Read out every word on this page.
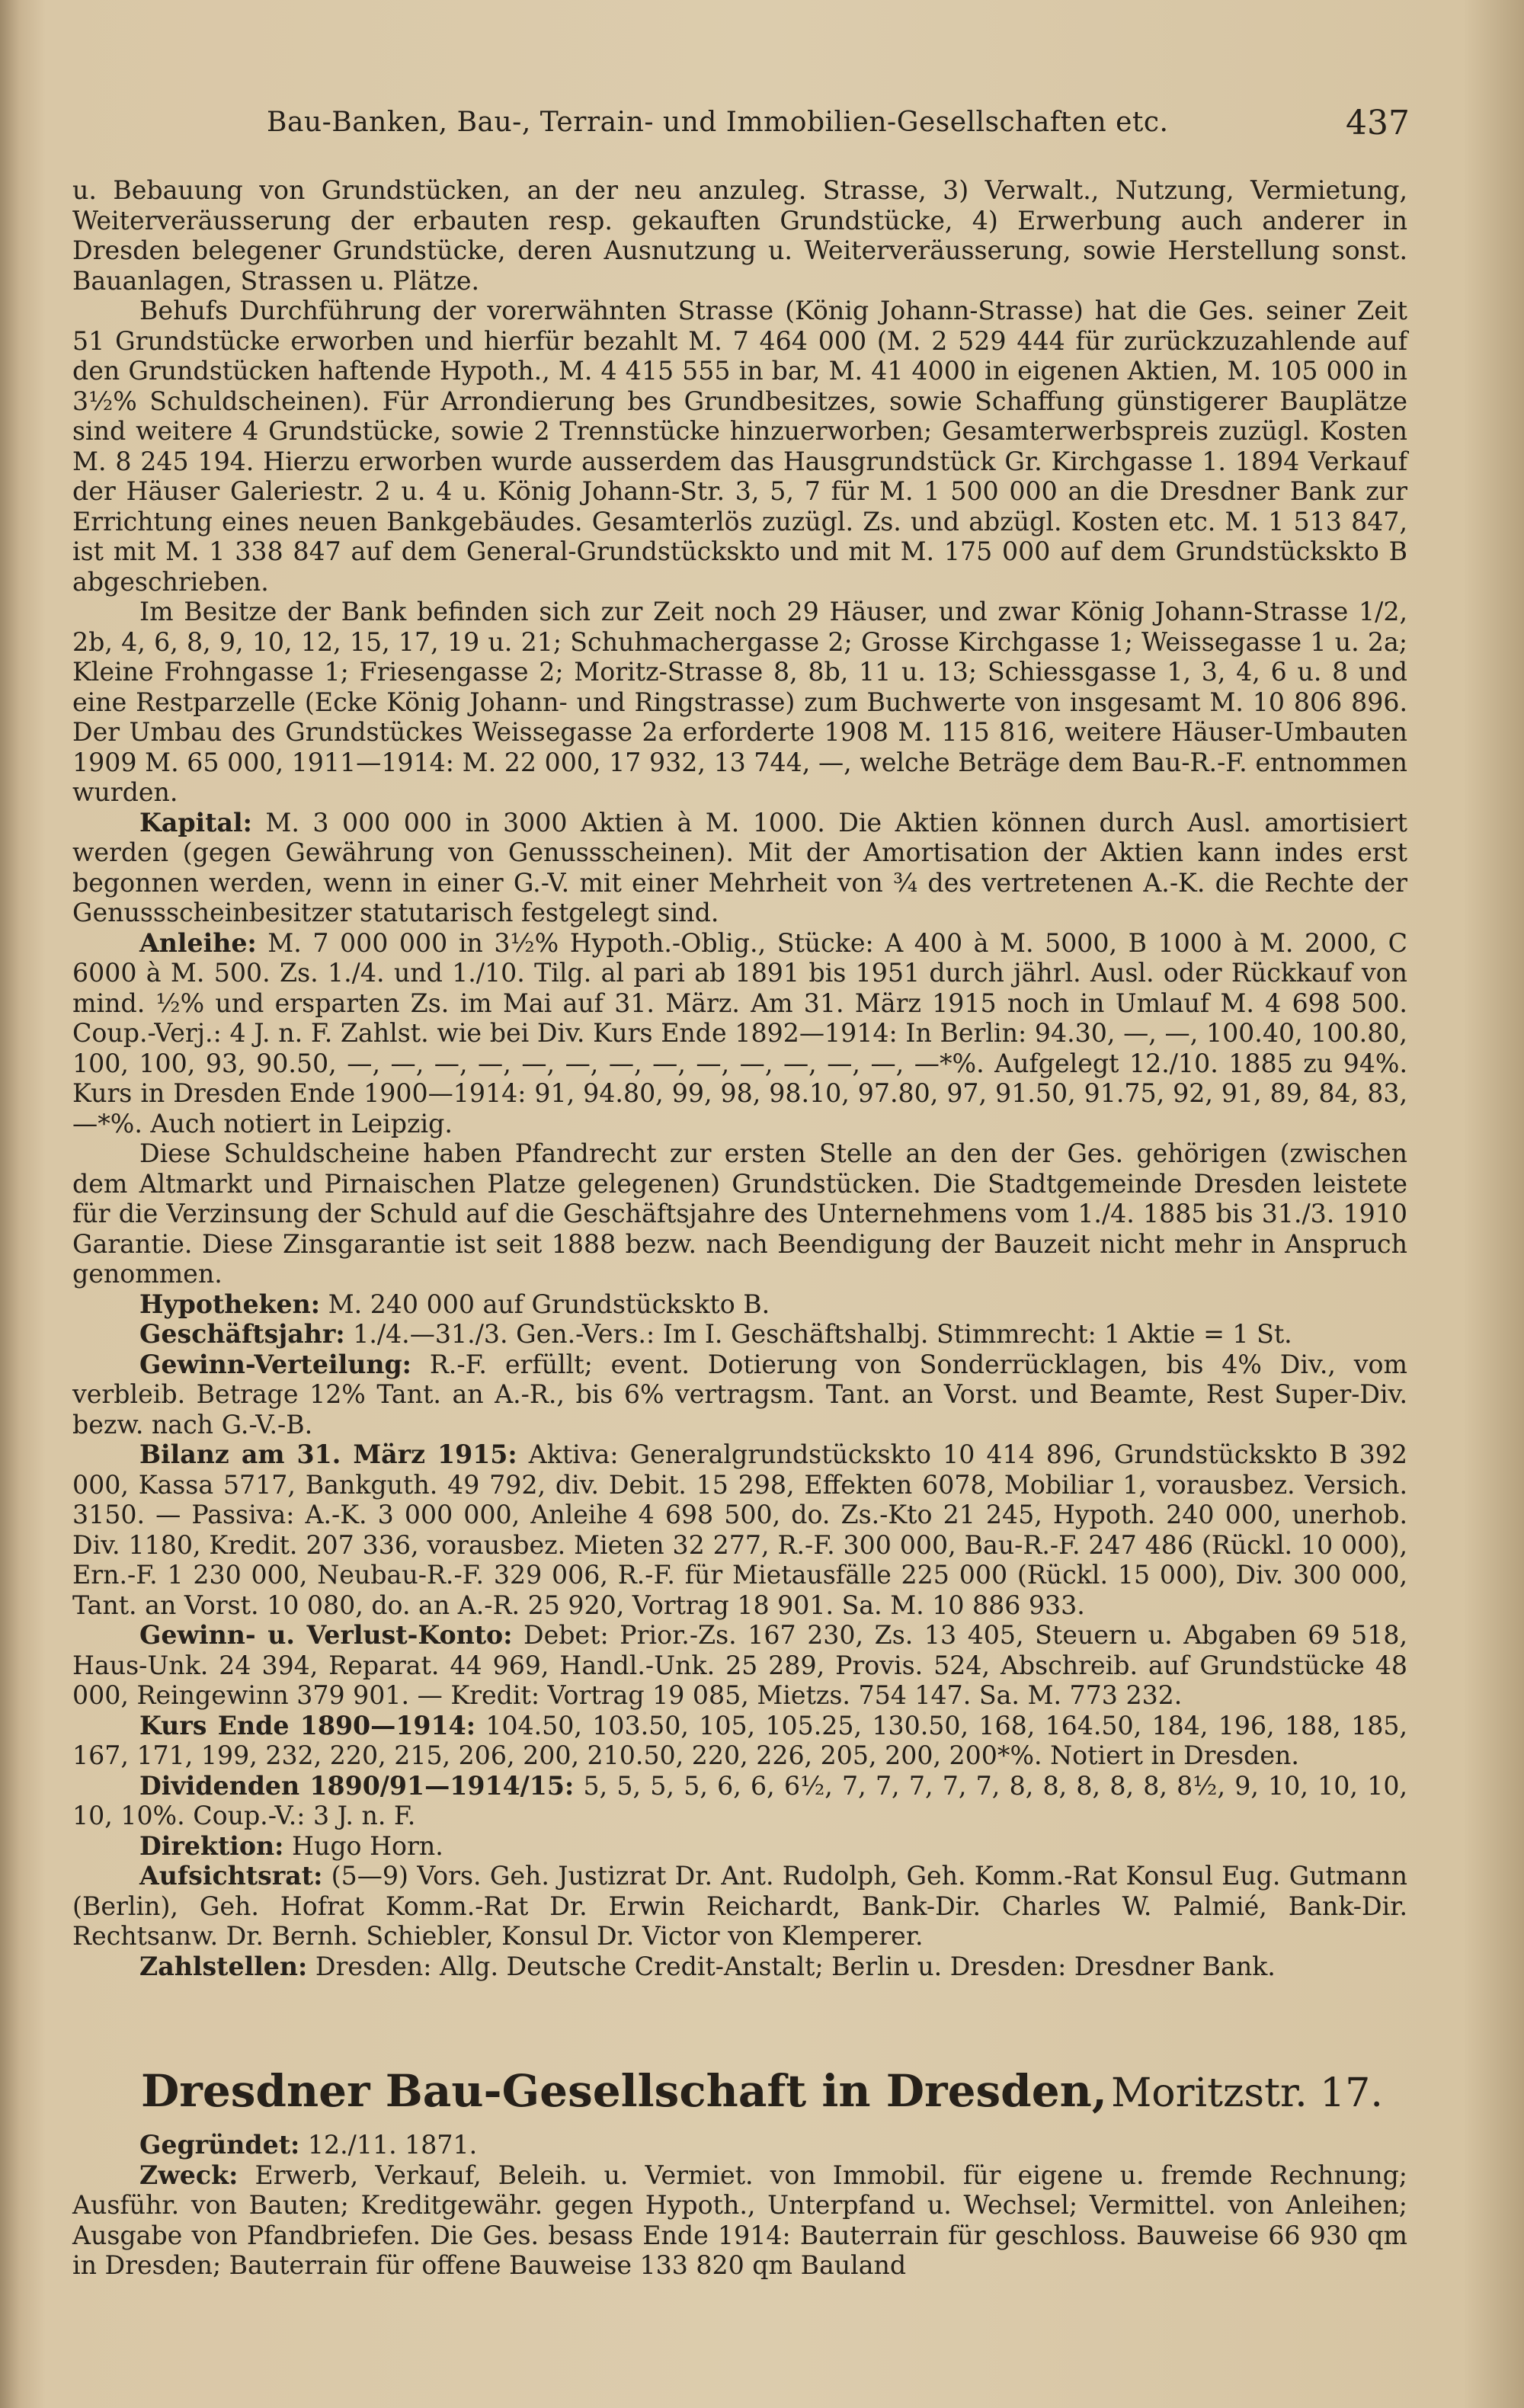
Bau-Banken, Bau-, Terrain- und Immobilien-Gesellschaften etc.	437

u. Bebauung von Grundstücken, an der neu anzuleg. Strasse, 3) Verwalt., Nutzung, Vermietung, Weiterveräusserung der erbauten resp. gekauften Grundstücke, 4) Erwerbung auch anderer in Dresden belegener Grundstücke, deren Ausnutzung u. Weiterveräusserung, sowie Herstellung sonst. Bauanlagen, Strassen u. Plätze.

Behufs Durchführung der vorerwähnten Strasse (König Johann-Strasse) hat die Ges. seiner Zeit 51 Grundstücke erworben und hierfür bezahlt M. 7 464 000 (M. 2 529 444 für zurückzuzahlende auf den Grundstücken haftende Hypoth., M. 4 415 555 in bar, M. 41 4000 in eigenen Aktien, M. 105 000 in 3½% Schuldscheinen). Für Arrondierung bes Grundbesitzes, sowie Schaffung günstigerer Bauplätze sind weitere 4 Grundstücke, sowie 2 Trennstücke hinzuerworben; Gesamterwerbspreis zuzügl. Kosten M. 8 245 194. Hierzu erworben wurde ausserdem das Hausgrundstück Gr. Kirchgasse 1. 1894 Verkauf der Häuser Galeriestr. 2 u. 4 u. König Johann-Str. 3, 5, 7 für M. 1 500 000 an die Dresdner Bank zur Errichtung eines neuen Bankgebäudes. Gesamterlös zuzügl. Zs. und abzügl. Kosten etc. M. 1 513 847, ist mit M. 1 338 847 auf dem General-Grundstückskto und mit M. 175 000 auf dem Grundstückskto B abgeschrieben.

Im Besitze der Bank befinden sich zur Zeit noch 29 Häuser, und zwar König Johann-Strasse 1/2, 2b, 4, 6, 8, 9, 10, 12, 15, 17, 19 u. 21; Schuhmachergasse 2; Grosse Kirchgasse 1; Weissegasse 1 u. 2a; Kleine Frohngasse 1; Friesengasse 2; Moritz-Strasse 8, 8b, 11 u. 13; Schiessgasse 1, 3, 4, 6 u. 8 und eine Restparzelle (Ecke König Johann- und Ringstrasse) zum Buchwerte von insgesamt M. 10 806 896. Der Umbau des Grundstückes Weissegasse 2a erforderte 1908 M. 115 816, weitere Häuser-Umbauten 1909 M. 65 000, 1911—1914: M. 22 000, 17 932, 13 744, —, welche Beträge dem Bau-R.-F. entnommen wurden.

Kapital: M. 3 000 000 in 3000 Aktien à M. 1000. Die Aktien können durch Ausl. amortisiert werden (gegen Gewährung von Genussscheinen). Mit der Amortisation der Aktien kann indes erst begonnen werden, wenn in einer G.-V. mit einer Mehrheit von ¾ des vertretenen A.-K. die Rechte der Genussscheinbesitzer statutarisch festgelegt sind.

Anleihe: M. 7 000 000 in 3½% Hypoth.-Oblig., Stücke: A 400 à M. 5000, B 1000 à M. 2000, C 6000 à M. 500. Zs. 1./4. und 1./10. Tilg. al pari ab 1891 bis 1951 durch jährl. Ausl. oder Rückkauf von mind. ½% und ersparten Zs. im Mai auf 31. März. Am 31. März 1915 noch in Umlauf M. 4 698 500. Coup.-Verj.: 4 J. n. F. Zahlst. wie bei Div. Kurs Ende 1892—1914: In Berlin: 94.30, —, —, 100.40, 100.80, 100, 100, 93, 90.50, —, —, —, —, —, —, —, —, —, —, —, —, —, —*%. Aufgelegt 12./10. 1885 zu 94%. Kurs in Dresden Ende 1900—1914: 91, 94.80, 99, 98, 98.10, 97.80, 97, 91.50, 91.75, 92, 91, 89, 84, 83, —*%. Auch notiert in Leipzig.

Diese Schuldscheine haben Pfandrecht zur ersten Stelle an den der Ges. gehörigen (zwischen dem Altmarkt und Pirnaischen Platze gelegenen) Grundstücken. Die Stadtgemeinde Dresden leistete für die Verzinsung der Schuld auf die Geschäftsjahre des Unternehmens vom 1./4. 1885 bis 31./3. 1910 Garantie. Diese Zinsgarantie ist seit 1888 bezw. nach Beendigung der Bauzeit nicht mehr in Anspruch genommen.

Hypotheken: M. 240 000 auf Grundstückskto B.

Geschäftsjahr: 1./4.—31./3. Gen.-Vers.: Im I. Geschäftshalbj. Stimmrecht: 1 Aktie = 1 St.

Gewinn-Verteilung: R.-F. erfüllt; event. Dotierung von Sonderrücklagen, bis 4% Div., vom verbleib. Betrage 12% Tant. an A.-R., bis 6% vertragsm. Tant. an Vorst. und Beamte, Rest Super-Div. bezw. nach G.-V.-B.

Bilanz am 31. März 1915: Aktiva: Generalgrundstückskto 10 414 896, Grundstückskto B 392 000, Kassa 5717, Bankguth. 49 792, div. Debit. 15 298, Effekten 6078, Mobiliar 1, vorausbez. Versich. 3150. — Passiva: A.-K. 3 000 000, Anleihe 4 698 500, do. Zs.-Kto 21 245, Hypoth. 240 000, unerhob. Div. 1180, Kredit. 207 336, vorausbez. Mieten 32 277, R.-F. 300 000, Bau-R.-F. 247 486 (Rückl. 10 000), Ern.-F. 1 230 000, Neubau-R.-F. 329 006, R.-F. für Mietausfälle 225 000 (Rückl. 15 000), Div. 300 000, Tant. an Vorst. 10 080, do. an A.-R. 25 920, Vortrag 18 901. Sa. M. 10 886 933.

Gewinn- u. Verlust-Konto: Debet: Prior.-Zs. 167 230, Zs. 13 405, Steuern u. Abgaben 69 518, Haus-Unk. 24 394, Reparat. 44 969, Handl.-Unk. 25 289, Provis. 524, Abschreib. auf Grundstücke 48 000, Reingewinn 379 901. — Kredit: Vortrag 19 085, Mietzs. 754 147. Sa. M. 773 232.

Kurs Ende 1890—1914: 104.50, 103.50, 105, 105.25, 130.50, 168, 164.50, 184, 196, 188, 185, 167, 171, 199, 232, 220, 215, 206, 200, 210.50, 220, 226, 205, 200, 200*%. Notiert in Dresden.

Dividenden 1890/91—1914/15: 5, 5, 5, 5, 6, 6, 6½, 7, 7, 7, 7, 7, 8, 8, 8, 8, 8, 8½, 9, 10, 10, 10, 10, 10%. Coup.-V.: 3 J. n. F.

Direktion: Hugo Horn.

Aufsichtsrat: (5—9) Vors. Geh. Justizrat Dr. Ant. Rudolph, Geh. Komm.-Rat Konsul Eug. Gutmann (Berlin), Geh. Hofrat Komm.-Rat Dr. Erwin Reichardt, Bank-Dir. Charles W. Palmié, Bank-Dir. Rechtsanw. Dr. Bernh. Schiebler, Konsul Dr. Victor von Klemperer.

Zahlstellen: Dresden: Allg. Deutsche Credit-Anstalt; Berlin u. Dresden: Dresdner Bank.

Dresdner Bau-Gesellschaft in Dresden, Moritzstr. 17.

Gegründet: 12./11. 1871.

Zweck: Erwerb, Verkauf, Beleih. u. Vermiet. von Immobil. für eigene u. fremde Rechnung; Ausführ. von Bauten; Kreditgewähr. gegen Hypoth., Unterpfand u. Wechsel; Vermittel. von Anleihen; Ausgabe von Pfandbriefen. Die Ges. besass Ende 1914: Bauterrain für geschloss. Bauweise 66 930 qm in Dresden; Bauterrain für offene Bauweise 133 820 qm Bauland
